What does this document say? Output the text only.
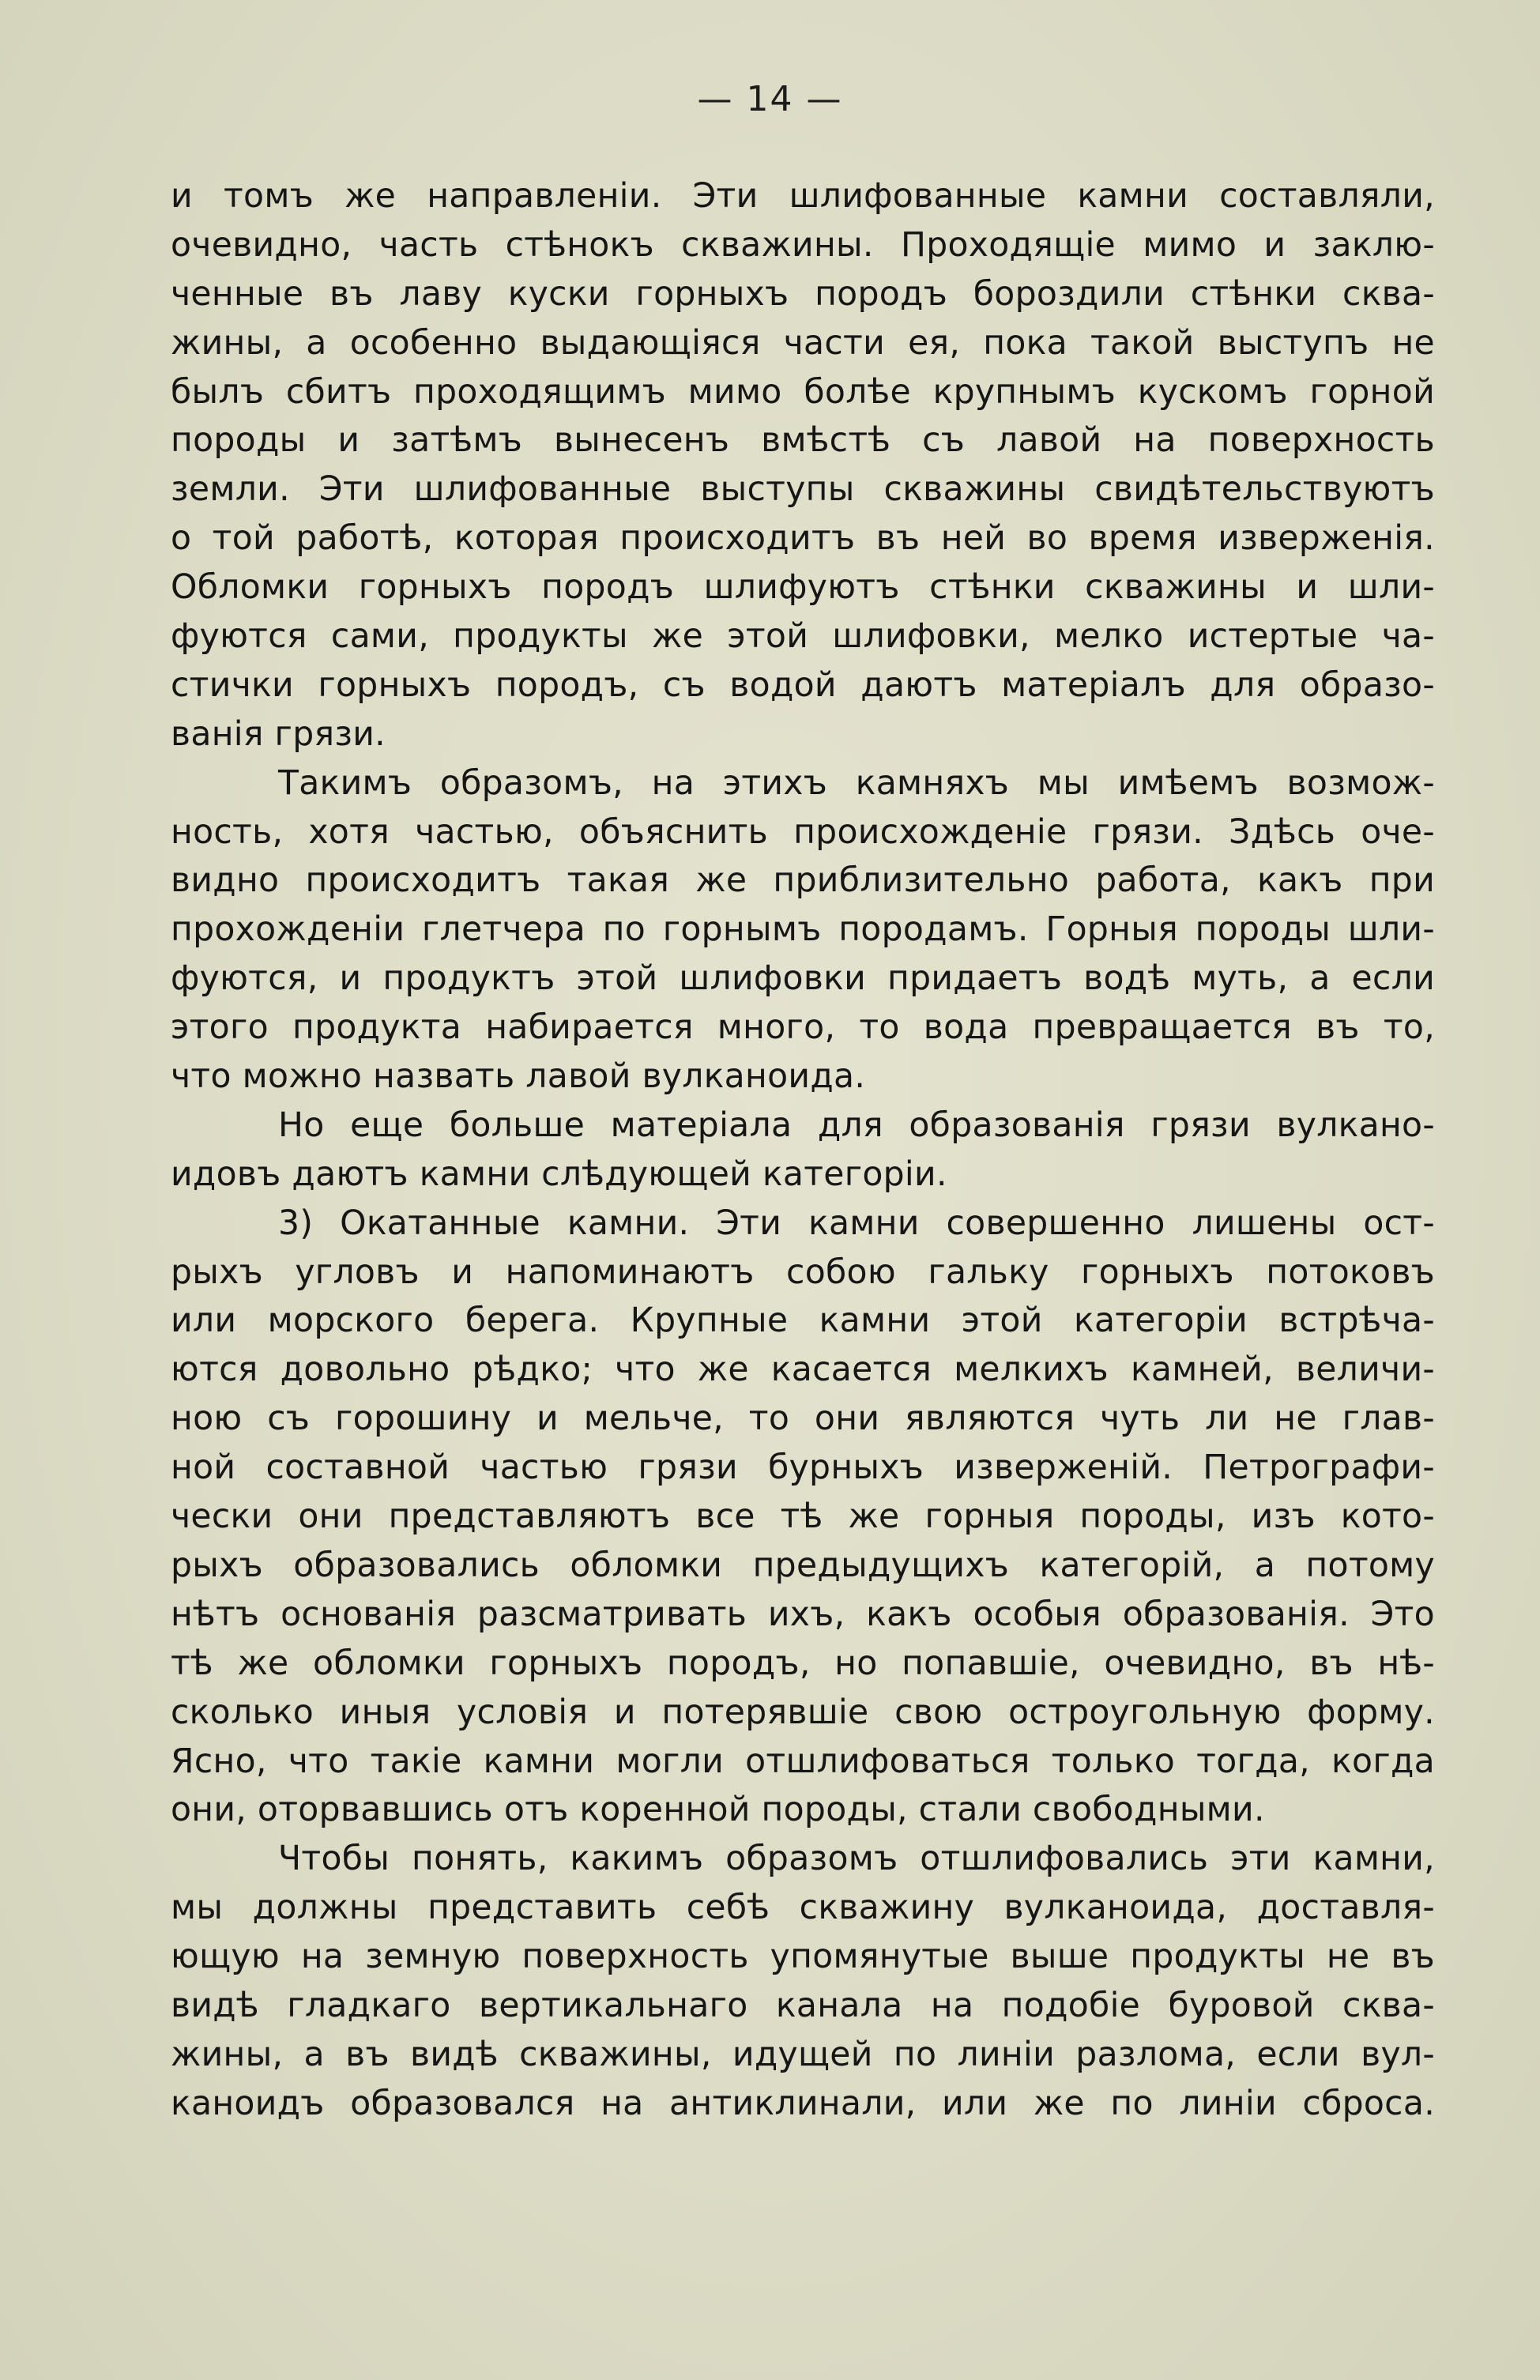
— 14 —
и томъ же направленіи. Эти шлифованные камни составляли,
очевидно, часть стѣнокъ скважины. Проходящіе мимо и заклю-
ченные въ лаву куски горныхъ породъ бороздили стѣнки сква-
жины, а особенно выдающіяся части ея, пока такой выступъ не
былъ сбитъ проходящимъ мимо болѣе крупнымъ кускомъ горной
породы и затѣмъ вынесенъ вмѣстѣ съ лавой на поверхность
земли. Эти шлифованные выступы скважины свидѣтельствуютъ
о той работѣ, которая происходитъ въ ней во время изверженія.
Обломки горныхъ породъ шлифуютъ стѣнки скважины и шли-
фуются сами, продукты же этой шлифовки, мелко истертые ча-
стички горныхъ породъ, съ водой даютъ матеріалъ для образо-
ванія грязи.
Такимъ образомъ, на этихъ камняхъ мы имѣемъ возмож-
ность, хотя частью, объяснить происхожденіе грязи. Здѣсь оче-
видно происходитъ такая же приблизительно работа, какъ при
прохожденіи глетчера по горнымъ породамъ. Горныя породы шли-
фуются, и продуктъ этой шлифовки придаетъ водѣ муть, а если
этого продукта набирается много, то вода превращается въ то,
что можно назвать лавой вулканоида.
Но еще больше матеріала для образованія грязи вулкано-
идовъ даютъ камни слѣдующей категоріи.
3) Окатанные камни. Эти камни совершенно лишены ост-
рыхъ угловъ и напоминаютъ собою гальку горныхъ потоковъ
или морского берега. Крупные камни этой категоріи встрѣча-
ются довольно рѣдко; что же касается мелкихъ камней, величи-
ною съ горошину и мельче, то они являются чуть ли не глав-
ной составной частью грязи бурныхъ изверженій. Петрографи-
чески они представляютъ все тѣ же горныя породы, изъ кото-
рыхъ образовались обломки предыдущихъ категорій, а потому
нѣтъ основанія разсматривать ихъ, какъ особыя образованія. Это
тѣ же обломки горныхъ породъ, но попавшіе, очевидно, въ нѣ-
сколько иныя условія и потерявшіе свою остроугольную форму.
Ясно, что такіе камни могли отшлифоваться только тогда, когда
они, оторвавшись отъ коренной породы, стали свободными.
Чтобы понять, какимъ образомъ отшлифовались эти камни,
мы должны представить себѣ скважину вулканоида, доставля-
ющую на земную поверхность упомянутые выше продукты не въ
видѣ гладкаго вертикальнаго канала на подобіе буровой сква-
жины, а въ видѣ скважины, идущей по линіи разлома, если вул-
каноидъ образовался на антиклинали, или же по линіи сброса.
